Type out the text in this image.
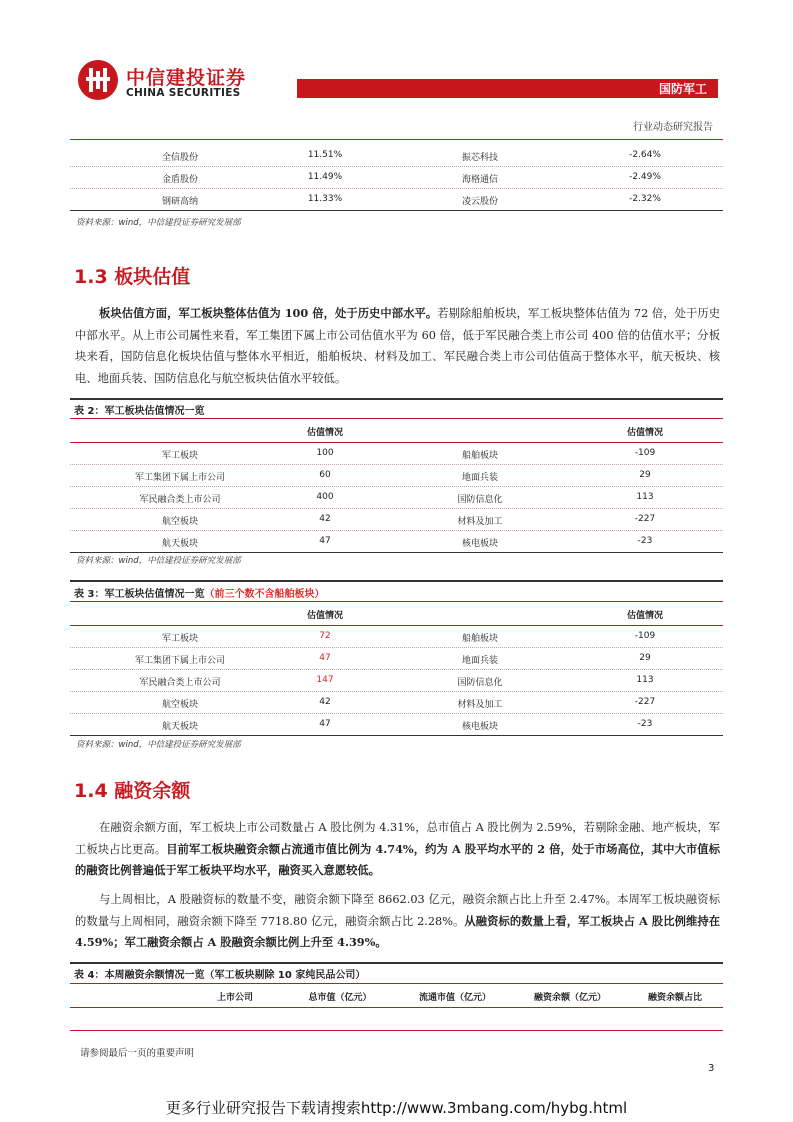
中信建投证券
CHINA SECURITIES	国防军工
行业动态研究报告
全信股份	11.51%	振芯科技	-2.64%
金盾股份	11.49%	海格通信	-2.49%
钢研高纳	11.33%	凌云股份	-2.32%
资料来源：wind，中信建投证券研究发展部
1.3 板块估值
板块估值方面，军工板块整体估值为 100 倍，处于历史中部水平。若剔除船舶板块，军工板块整体估值为 72 倍，处于历史中部水平。从上市公司属性来看，军工集团下属上市公司估值水平为 60 倍，低于军民融合类上市公司 400 倍的估值水平；分板块来看，国防信息化板块估值与整体水平相近，船舶板块、材料及加工、军民融合类上市公司估值高于整体水平，航天板块、核电、地面兵装、国防信息化与航空板块估值水平较低。
表 2：军工板块估值情况一览
估值情况	估值情况
军工板块	100	船舶板块	-109
军工集团下属上市公司	60	地面兵装	29
军民融合类上市公司	400	国防信息化	113
航空板块	42	材料及加工	-227
航天板块	47	核电板块	-23
资料来源：wind，中信建投证券研究发展部
表 3：军工板块估值情况一览（前三个数不含船舶板块）
估值情况	估值情况
军工板块	72	船舶板块	-109
军工集团下属上市公司	47	地面兵装	29
军民融合类上市公司	147	国防信息化	113
航空板块	42	材料及加工	-227
航天板块	47	核电板块	-23
资料来源：wind，中信建投证券研究发展部
1.4 融资余额
在融资余额方面，军工板块上市公司数量占 A 股比例为 4.31%，总市值占 A 股比例为 2.59%，若剔除金融、地产板块，军工板块占比更高。目前军工板块融资余额占流通市值比例为 4.74%，约为 A 股平均水平的 2 倍，处于市场高位，其中大市值标的融资比例普遍低于军工板块平均水平，融资买入意愿较低。
与上周相比，A 股融资标的数量不变，融资余额下降至 8662.03 亿元，融资余额占比上升至 2.47%。本周军工板块融资标的数量与上周相同，融资余额下降至 7718.80 亿元，融资余额占比 2.28%。从融资标的数量上看，军工板块占 A 股比例维持在 4.59%；军工融资余额占 A 股融资余额比例上升至 4.39%。
表 4：本周融资余额情况一览（军工板块剔除 10 家纯民品公司）
上市公司	总市值（亿元）	流通市值（亿元）	融资余额（亿元）	融资余额占比
请参阅最后一页的重要声明
3
更多行业研究报告下载请搜索http://www.3mbang.com/hybg.html
